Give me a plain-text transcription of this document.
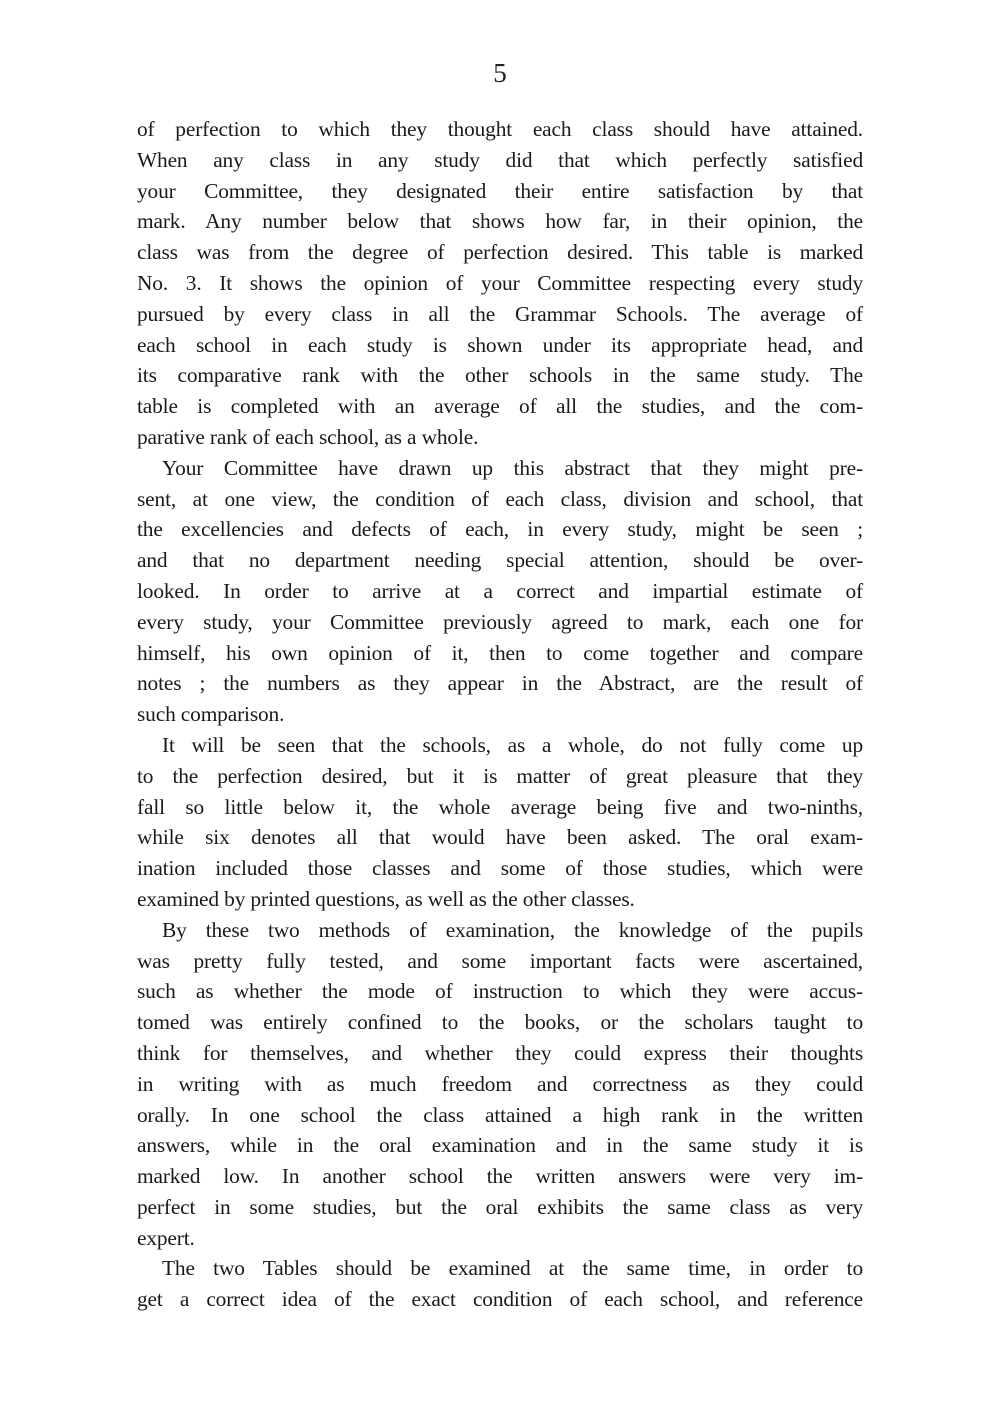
5
of perfection to which they thought each class should have attained.
When any class in any study did that which perfectly satisfied
your Committee, they designated their entire satisfaction by that
mark. Any number below that shows how far, in their opinion, the
class was from the degree of perfection desired. This table is marked
No. 3. It shows the opinion of your Committee respecting every study
pursued by every class in all the Grammar Schools. The average of
each school in each study is shown under its appropriate head, and
its comparative rank with the other schools in the same study. The
table is completed with an average of all the studies, and the com-
parative rank of each school, as a whole.
Your Committee have drawn up this abstract that they might pre-
sent, at one view, the condition of each class, division and school, that
the excellencies and defects of each, in every study, might be seen ;
and that no department needing special attention, should be over-
looked. In order to arrive at a correct and impartial estimate of
every study, your Committee previously agreed to mark, each one for
himself, his own opinion of it, then to come together and compare
notes ; the numbers as they appear in the Abstract, are the result of
such comparison.
It will be seen that the schools, as a whole, do not fully come up
to the perfection desired, but it is matter of great pleasure that they
fall so little below it, the whole average being five and two-ninths,
while six denotes all that would have been asked. The oral exam-
ination included those classes and some of those studies, which were
examined by printed questions, as well as the other classes.
By these two methods of examination, the knowledge of the pupils
was pretty fully tested, and some important facts were ascertained,
such as whether the mode of instruction to which they were accus-
tomed was entirely confined to the books, or the scholars taught to
think for themselves, and whether they could express their thoughts
in writing with as much freedom and correctness as they could
orally. In one school the class attained a high rank in the written
answers, while in the oral examination and in the same study it is
marked low. In another school the written answers were very im-
perfect in some studies, but the oral exhibits the same class as very
expert.
The two Tables should be examined at the same time, in order to
get a correct idea of the exact condition of each school, and reference
